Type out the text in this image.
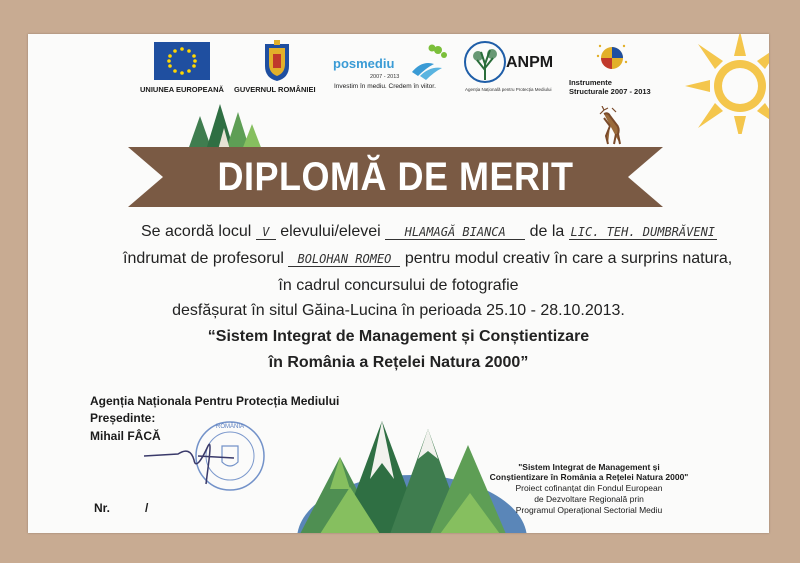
UNIUNEA EUROPEANĂ GUVERNUL ROMÂNIEI
posmediu
2007 - 2013
Investim în mediu. Credem în viitor.
ANPM
Agenția Națională pentru Protecția Mediului
Instrumente
Structurale 2007 - 2013
DIPLOMĂ DE MERIT
Se acordă locul V elevului/elevei HLAMAGĂ BIANCA de la LIC. TEH. DUMBRĂVENI
îndrumat de profesorul BOLOHAN ROMEO pentru modul creativ în care a surprins natura,
în cadrul concursului de fotografie
desfășurat în situl Găina-Lucina în perioada 25.10 - 28.10.2013.
“Sistem Integrat de Management și Conștientizare
în România a Rețelei Natura 2000”
Agenția Naționala Pentru Protecția Mediului
Președinte:
Mihail FÂCĂ
ROMÂNIA
Nr.	/
"Sistem Integrat de Management și
Conștientizare în România a Rețelei Natura 2000"
Proiect cofinanțat din Fondul European
de Dezvoltare Regională prin
Programul Operațional Sectorial Mediu
